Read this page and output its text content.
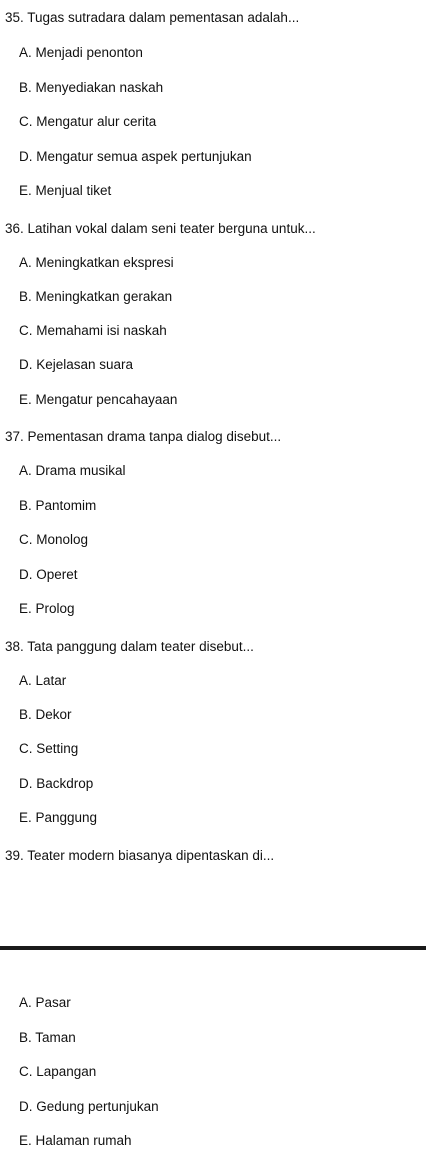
35. Tugas sutradara dalam pementasan adalah...
A. Menjadi penonton
B. Menyediakan naskah
C. Mengatur alur cerita
D. Mengatur semua aspek pertunjukan
E. Menjual tiket
36. Latihan vokal dalam seni teater berguna untuk...
A. Meningkatkan ekspresi
B. Meningkatkan gerakan
C. Memahami isi naskah
D. Kejelasan suara
E. Mengatur pencahayaan
37. Pementasan drama tanpa dialog disebut...
A. Drama musikal
B. Pantomim
C. Monolog
D. Operet
E. Prolog
38. Tata panggung dalam teater disebut...
A. Latar
B. Dekor
C. Setting
D. Backdrop
E. Panggung
39. Teater modern biasanya dipentaskan di...
A. Pasar
B. Taman
C. Lapangan
D. Gedung pertunjukan
E. Halaman rumah
